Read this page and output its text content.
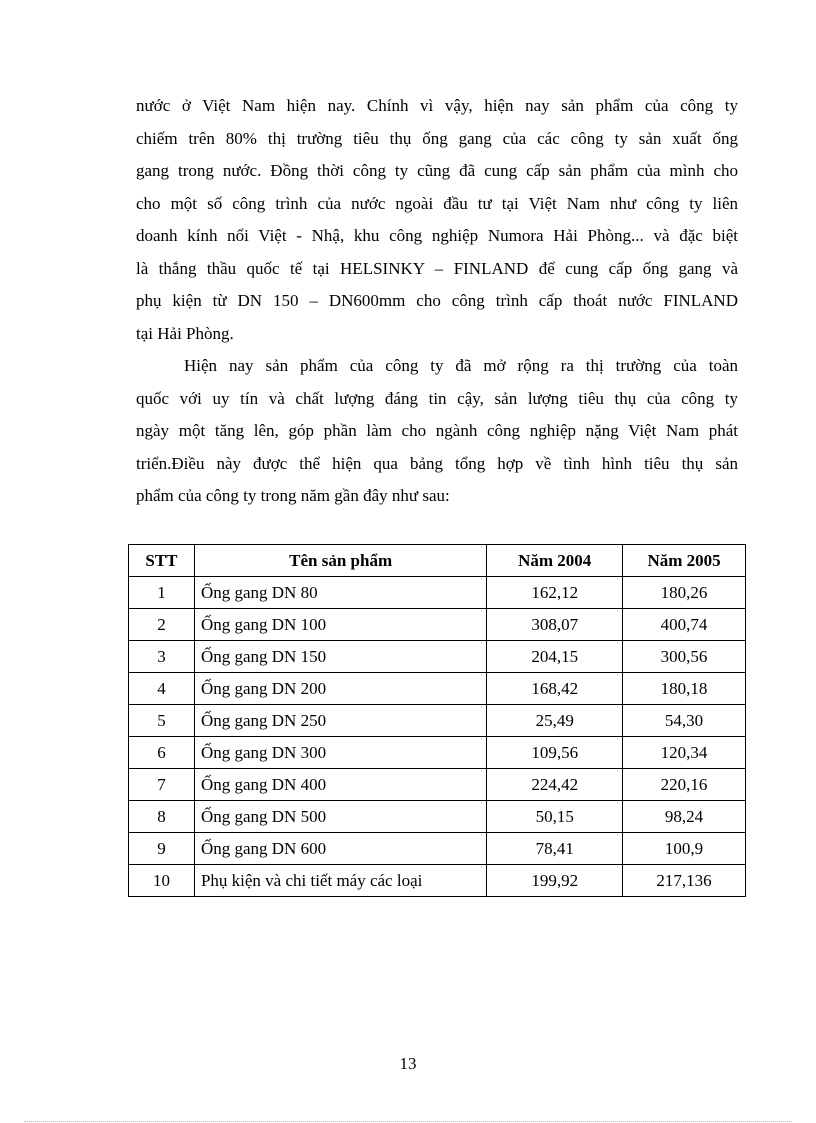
nước ở Việt Nam hiện nay. Chính vì vậy, hiện nay sản phẩm của công ty
chiếm trên 80% thị trường tiêu thụ ống gang của các công ty sản xuất ống
gang trong nước. Đồng thời công ty cũng đã cung cấp sản phẩm của mình cho
cho một số công trình của nước ngoài đầu tư tại Việt Nam như công ty liên
doanh kính nổi Việt - Nhậ, khu công nghiệp Numora Hải Phòng... và đặc biệt
là thắng thầu quốc tế tại HELSINKY – FINLAND để cung cấp ống gang và
phụ kiện từ DN 150 – DN600mm cho công trình cấp thoát nước FINLAND
tại Hải Phòng.
Hiện nay sản phẩm của công ty đã mở rộng ra thị trường của toàn
quốc với uy tín và chất lượng đáng tin cậy, sản lượng tiêu thụ của công ty
ngày một tăng lên, góp phần làm cho ngành công nghiệp nặng Việt Nam phát
triển.Điều này được thể hiện qua bảng tổng hợp về tình hình tiêu thụ sản
phẩm của công ty trong năm gần đây như sau:
STT	Tên sản phẩm	Năm 2004	Năm 2005
1	Ống gang DN 80	162,12	180,26
2	Ống gang DN 100	308,07	400,74
3	Ống gang DN 150	204,15	300,56
4	Ống gang DN 200	168,42	180,18
5	Ống gang DN 250	25,49	54,30
6	Ống gang DN 300	109,56	120,34
7	Ống gang DN 400	224,42	220,16
8	Ống gang DN 500	50,15	98,24
9	Ống gang DN 600	78,41	100,9
10	Phụ kiện và chi tiết máy các loại	199,92	217,136
13
